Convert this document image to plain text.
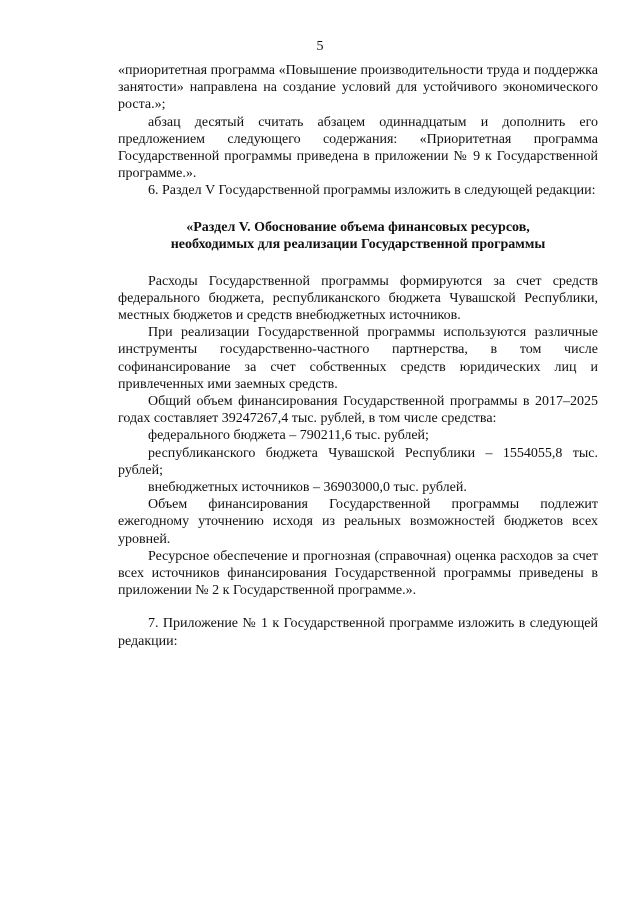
5

«приоритетная программа «Повышение производительности труда и поддержка занятости» направлена на создание условий для устойчивого экономического роста.»;

абзац десятый считать абзацем одиннадцатым и дополнить его предложением следующего содержания: «Приоритетная программа Государственной программы приведена в приложении № 9 к Государственной программе.».

6. Раздел V Государственной программы изложить в следующей редакции:

«Раздел V. Обоснование объема финансовых ресурсов,
необходимых для реализации Государственной программы

Расходы Государственной программы формируются за счет средств федерального бюджета, республиканского бюджета Чувашской Республики, местных бюджетов и средств внебюджетных источников.

При реализации Государственной программы используются различные инструменты государственно-частного партнерства, в том числе софинансирование за счет собственных средств юридических лиц и привлеченных ими заемных средств.

Общий объем финансирования Государственной программы в 2017–2025 годах составляет 39247267,4 тыс. рублей, в том числе средства:

федерального бюджета – 790211,6 тыс. рублей;

республиканского бюджета Чувашской Республики – 1554055,8 тыс. рублей;

внебюджетных источников – 36903000,0 тыс. рублей.

Объем финансирования Государственной программы подлежит ежегодному уточнению исходя из реальных возможностей бюджетов всех уровней.

Ресурсное обеспечение и прогнозная (справочная) оценка расходов за счет всех источников финансирования Государственной программы приведены в приложении № 2 к Государственной программе.».

7. Приложение № 1 к Государственной программе изложить в следующей редакции:
